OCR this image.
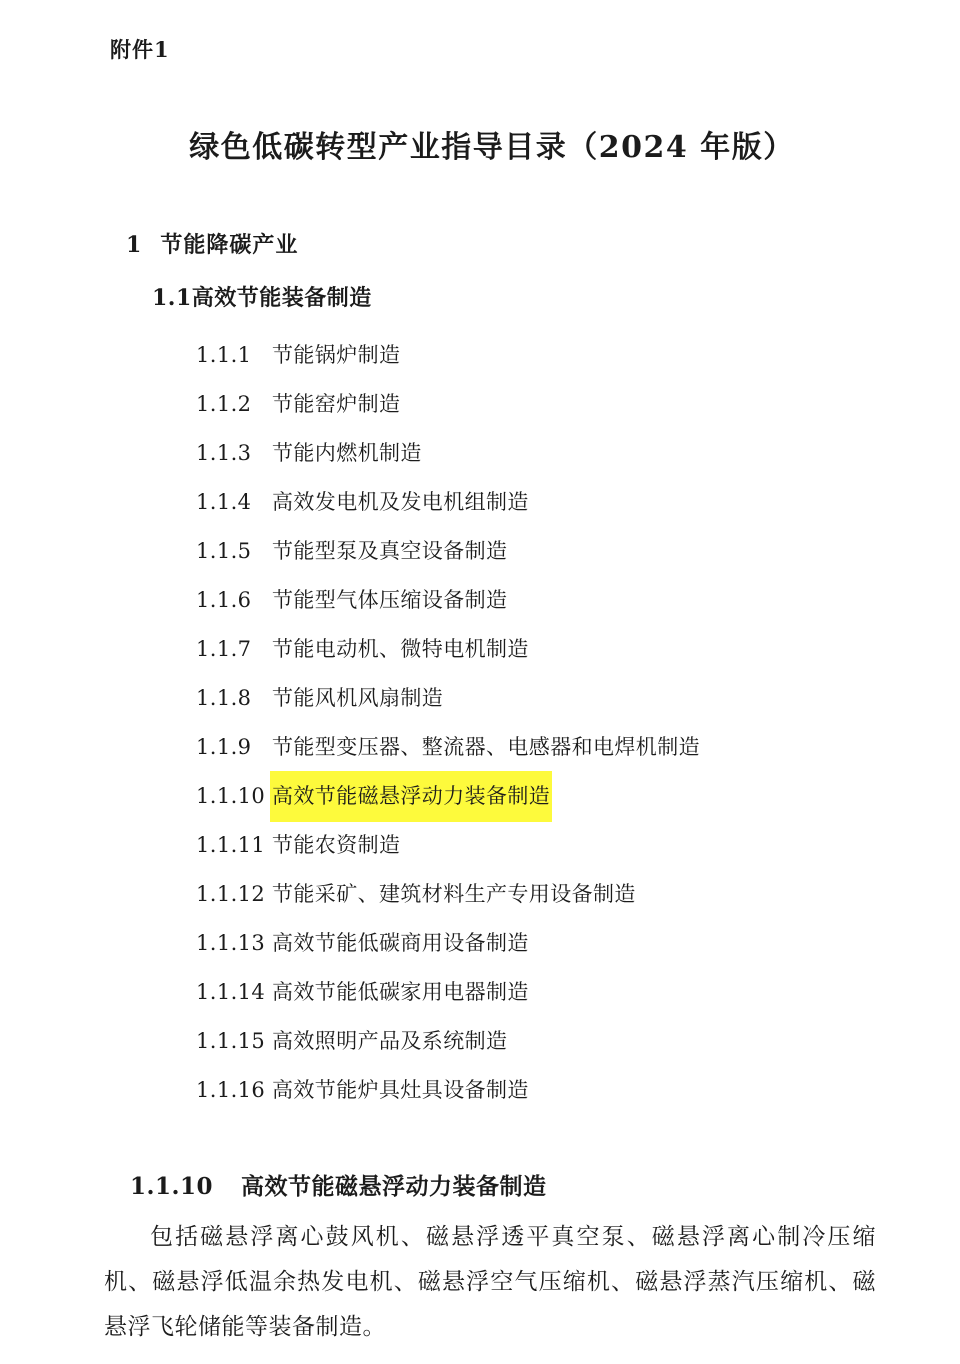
附件1
绿色低碳转型产业指导目录（2024 年版）
1 节能降碳产业
1.1高效节能装备制造
1.1.1 节能锅炉制造
1.1.2 节能窑炉制造
1.1.3 节能内燃机制造
1.1.4 高效发电机及发电机组制造
1.1.5 节能型泵及真空设备制造
1.1.6 节能型气体压缩设备制造
1.1.7 节能电动机、微特电机制造
1.1.8 节能风机风扇制造
1.1.9 节能型变压器、整流器、电感器和电焊机制造
1.1.10 高效节能磁悬浮动力装备制造
1.1.11 节能农资制造
1.1.12 节能采矿、建筑材料生产专用设备制造
1.1.13 高效节能低碳商用设备制造
1.1.14 高效节能低碳家用电器制造
1.1.15 高效照明产品及系统制造
1.1.16 高效节能炉具灶具设备制造
1.1.10 高效节能磁悬浮动力装备制造

包括磁悬浮离心鼓风机、磁悬浮透平真空泵、磁悬浮离心制冷压缩机、磁悬浮低温余热发电机、磁悬浮空气压缩机、磁悬浮蒸汽压缩机、磁悬浮飞轮储能等装备制造。
